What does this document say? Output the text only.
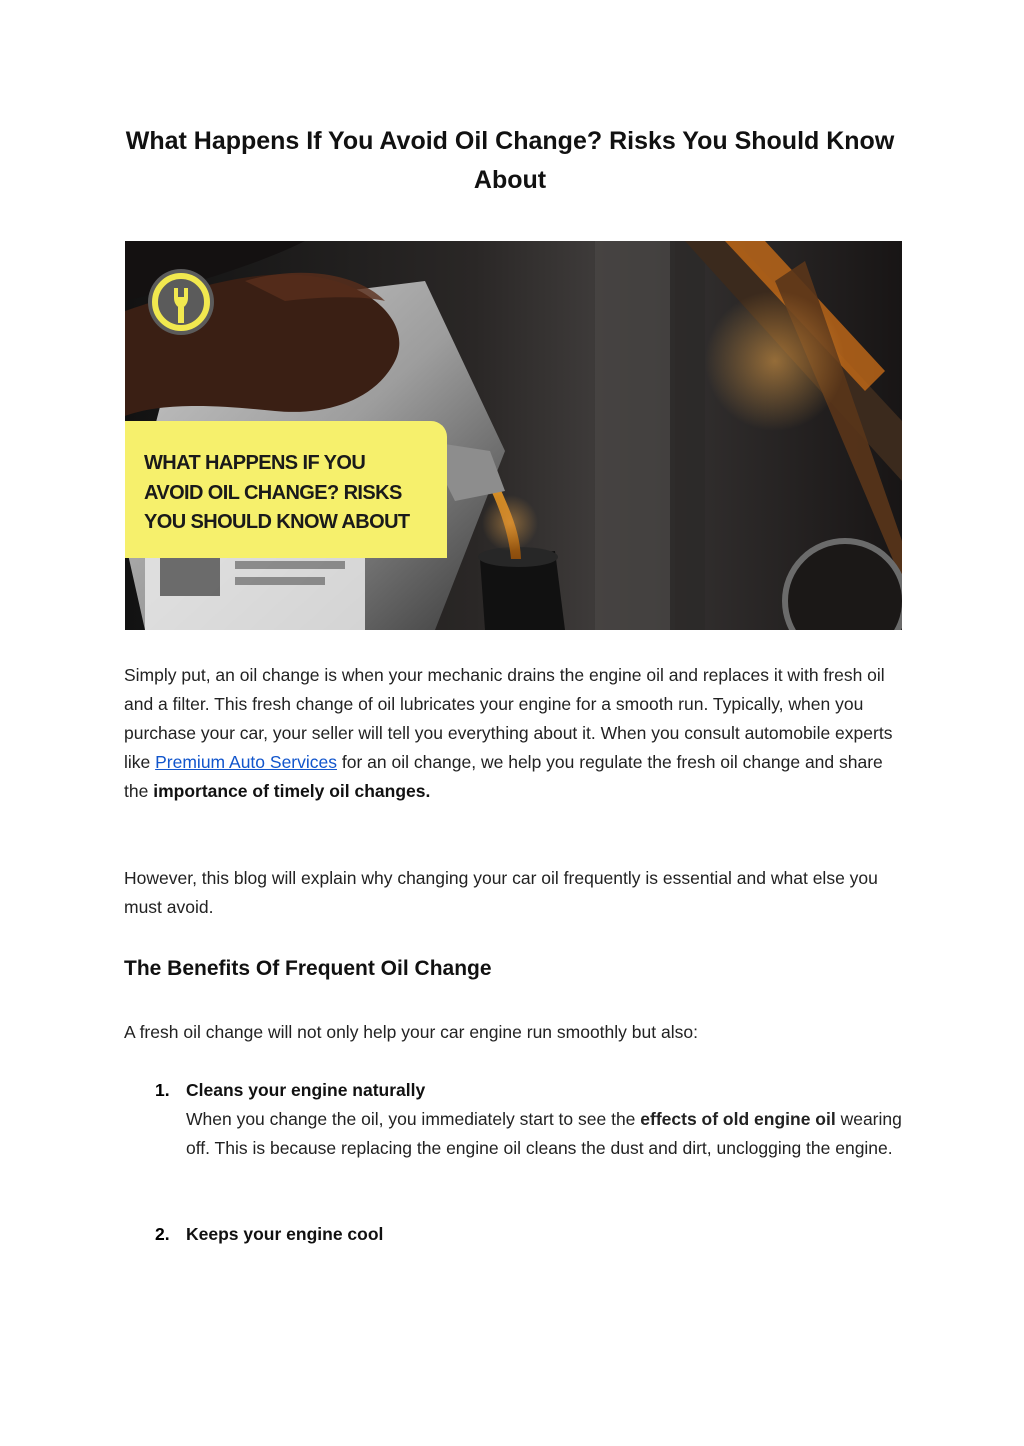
What Happens If You Avoid Oil Change? Risks You Should Know About
WHAT HAPPENS IF YOU
AVOID OIL CHANGE? RISKS
YOU SHOULD KNOW ABOUT

Simply put, an oil change is when your mechanic drains the engine oil and replaces it with fresh oil and a filter. This fresh change of oil lubricates your engine for a smooth run. Typically, when you purchase your car, your seller will tell you everything about it. When you consult automobile experts like Premium Auto Services for an oil change, we help you regulate the fresh oil change and share the importance of timely oil changes.

However, this blog will explain why changing your car oil frequently is essential and what else you must avoid.

The Benefits Of Frequent Oil Change

A fresh oil change will not only help your car engine run smoothly but also:

1. Cleans your engine naturally
When you change the oil, you immediately start to see the effects of old engine oil wearing off. This is because replacing the engine oil cleans the dust and dirt, unclogging the engine.
2. Keeps your engine cool
